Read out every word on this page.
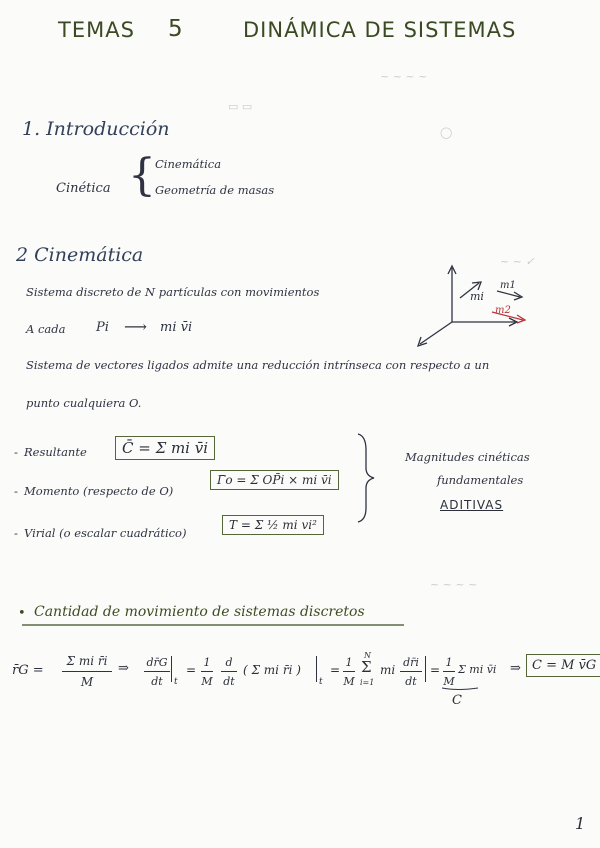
~ ~ ~ ~
▭ ▭
◯
~ ~ ✓
~ ~ ~ ~
TEMAS 5	DINÁMICA DE SISTEMAS
1. Introducción
Cinética { Cinemática
Geometría de masas
2 Cinemática
Sistema discreto de N partículas con movimientos
A cada Pi ⟶ mi v̄i
Sistema de vectores ligados admite una reducción intrínseca con respecto a un
punto cualquiera O.
mi
m1
m2
- Resultante	C̄ = Σ mi v̄i
- Momento (respecto de O)
Γ̄o = Σ OP̄i × mi v̄i
- Virial (o escalar cuadrático)
T = Σ ½ mi vi²
Magnitudes cinéticas
fundamentales
ADITIVAS
• Cantidad de movimiento de sistemas discretos
r̄G =
Σ mi r̄i
M
⇒ dr̄G
dt	t
=
1
M
d
dt
( Σ mi r̄i )
t
=
1
M
N
Σ
i=1
mi
dr̄i
dt
=
1
M
Σ mi v̄i
C
⇒ C = M v̄G
1
